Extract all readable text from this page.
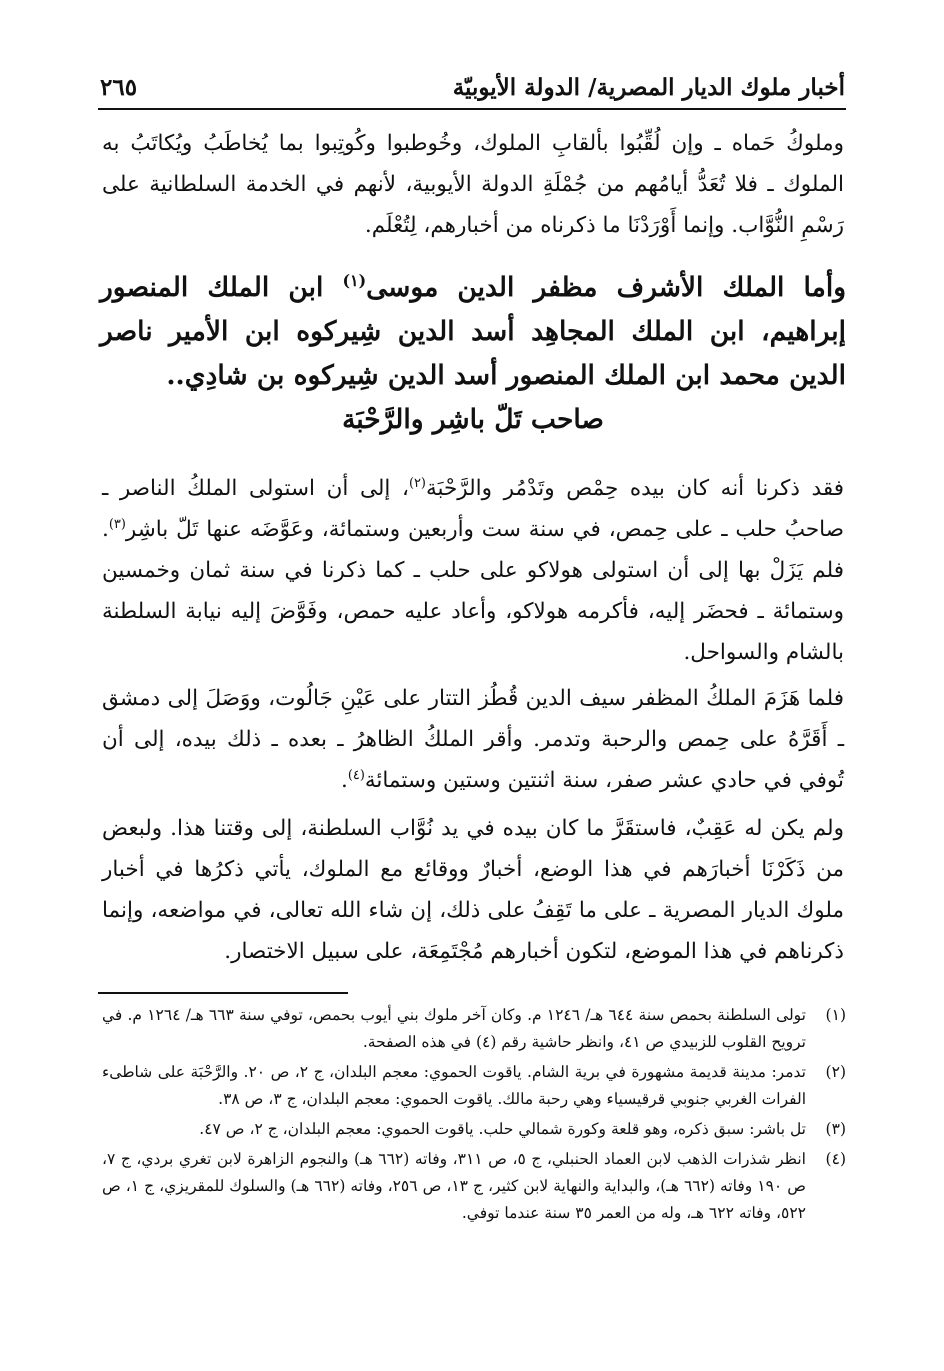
أخبار ملوك الديار المصرية/ الدولة الأيوبيّة
٢٦٥

وملوكُ حَماه ـ وإن لُقِّبُوا بألقابِ الملوك، وخُوطبوا وكُوتِبوا بما يُخاطَبُ ويُكاتَبُ به الملوك ـ فلا تُعَدُّ أيامُهم من جُمْلَةِ الدولة الأيوبية، لأنهم في الخدمة السلطانية على رَسْمِ النُّوَّاب. وإنما أَوْرَدْنَا ما ذكرناه من أخبارهم، لِتُعْلَم.

وأما الملك الأشرف مظفر الدين موسى$^{(١)}$ ابن الملك المنصور إبراهيم، ابن الملك المجاهِد أسد الدين شِيركوه ابن الأمير ناصر الدين محمد ابن الملك المنصور أسد الدين شِيركوه بن شادِي..
صاحب تَلّ باشِر والرَّحْبَة

فقد ذكرنا أنه كان بيده حِمْص وتَدْمُر والرَّحْبَة$^{(٢)}$، إلى أن استولى الملكُ الناصر ـ صاحبُ حلب ـ على حِمص، في سنة ست وأربعين وستمائة، وعَوَّضَه عنها تَلّ باشِر$^{(٣)}$. فلم يَزَلْ بها إلى أن استولى هولاكو على حلب ـ كما ذكرنا في سنة ثمان وخمسين وستمائة ـ فحضَر إليه، فأكرمه هولاكو، وأعاد عليه حمص، وفَوَّضَ إليه نيابة السلطنة بالشام والسواحل.

فلما هَزَمَ الملكُ المظفر سيف الدين قُطُز التتار على عَيْنِ جَالُوت، ووَصَلَ إلى دمشق ـ أَقَرَّهُ على حِمص والرحبة وتدمر. وأقر الملكُ الظاهرُ ـ بعده ـ ذلك بيده، إلى أن تُوفي في حادي عشر صفر، سنة اثنتين وستين وستمائة$^{(٤)}$.

ولم يكن له عَقِبٌ، فاستقَرَّ ما كان بيده في يد نُوَّاب السلطنة، إلى وقتنا هذا. ولبعض من ذَكَرْنَا أخبارَهم في هذا الوضع، أخبارٌ ووقائع مع الملوك، يأتي ذكرُها في أخبار ملوك الديار المصرية ـ على ما تَقِفُ على ذلك، إن شاء الله تعالى، في مواضعه، وإنما ذكرناهم في هذا الموضع، لتكون أخبارهم مُجْتَمِعَة، على سبيل الاختصار.

(١)
تولى السلطنة بحمص سنة ٦٤٤ هـ/ ١٢٤٦ م. وكان آخر ملوك بني أيوب بحمص، توفي سنة ٦٦٣ هـ/ ١٢٦٤ م. في ترويح القلوب للزبيدي ص ٤١، وانظر حاشية رقم (٤) في هذه الصفحة.
(٢)
تدمر: مدينة قديمة مشهورة في برية الشام. ياقوت الحموي: معجم البلدان، ج ٢، ص ٢٠. والرَّحْبَة على شاطىء الفرات الغربي جنوبي قرقيسياء وهي رحبة مالك. ياقوت الحموي: معجم البلدان، ج ٣، ص ٣٨.
(٣)
تل باشر: سبق ذكره، وهو قلعة وكورة شمالي حلب. ياقوت الحموي: معجم البلدان، ج ٢، ص ٤٧.
(٤)
انظر شذرات الذهب لابن العماد الحنبلي، ج ٥، ص ٣١١، وفاته (٦٦٢ هـ) والنجوم الزاهرة لابن تغري بردي، ج ٧، ص ١٩٠ وفاته (٦٦٢ هـ)، والبداية والنهاية لابن كثير، ج ١٣، ص ٢٥٦، وفاته (٦٦٢ هـ) والسلوك للمقريزي، ج ١، ص ٥٢٢، وفاته ٦٢٢ هـ، وله من العمر ٣٥ سنة عندما توفي.
